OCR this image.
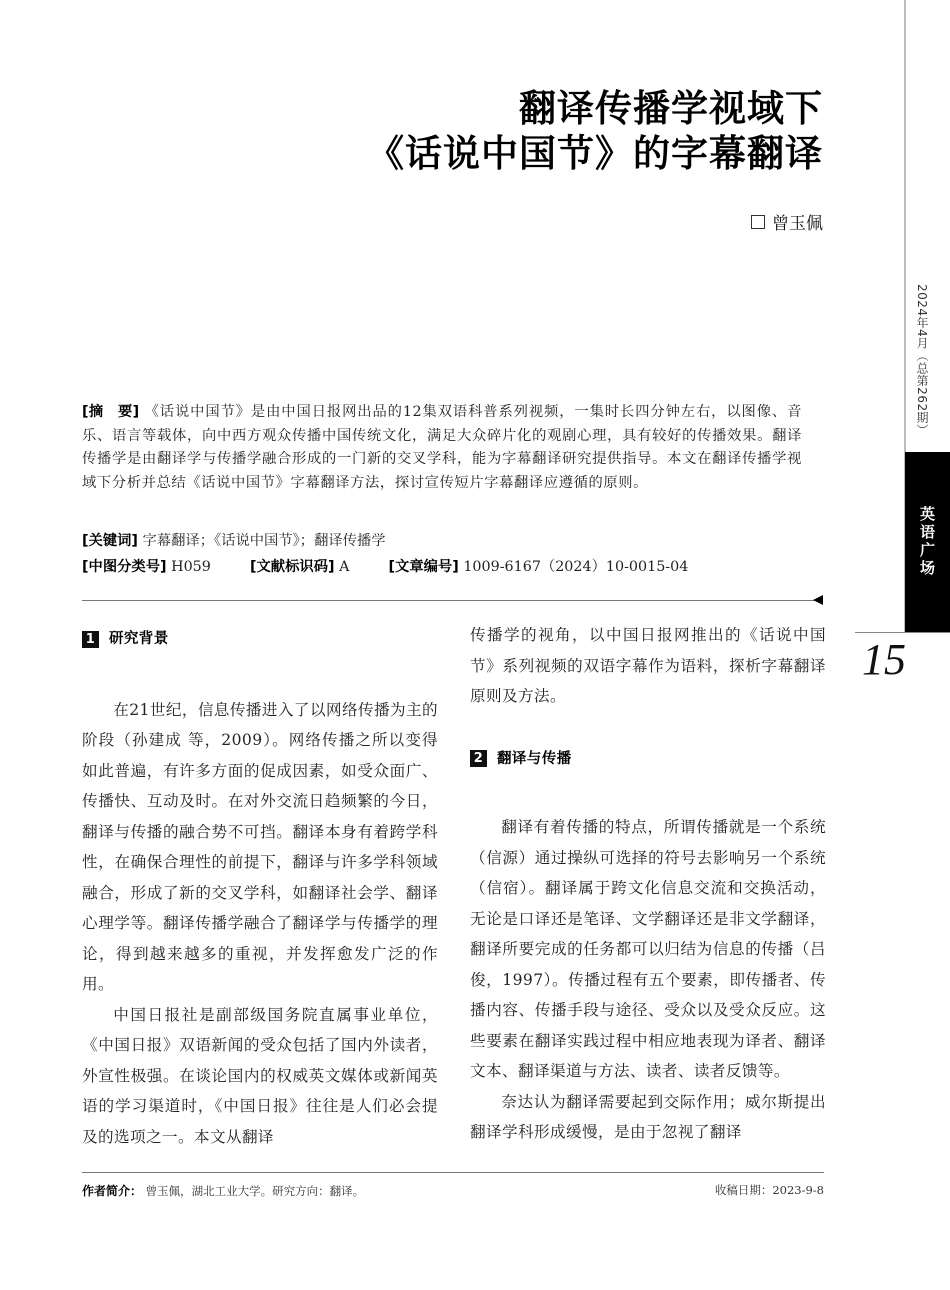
2024年4月（总第262期）
英语广场
15
翻译传播学视域下
《话说中国节》的字幕翻译
曾玉佩
[摘　要] 《话说中国节》是由中国日报网出品的12集双语科普系列视频，一集时长四分钟左右，以图像、音乐、语言等载体，向中西方观众传播中国传统文化，满足大众碎片化的观剧心理，具有较好的传播效果。翻译传播学是由翻译学与传播学融合形成的一门新的交叉学科，能为字幕翻译研究提供指导。本文在翻译传播学视域下分析并总结《话说中国节》字幕翻译方法，探讨宣传短片字幕翻译应遵循的原则。
[关键词] 字幕翻译；《话说中国节》；翻译传播学
[中图分类号] H059	[文献标识码] A	[文章编号] 1009-6167（2024）10-0015-04
1 研究背景

在21世纪，信息传播进入了以网络传播为主的阶段（孙建成 等，2009）。网络传播之所以变得如此普遍，有许多方面的促成因素，如受众面广、传播快、互动及时。在对外交流日趋频繁的今日，翻译与传播的融合势不可挡。翻译本身有着跨学科性，在确保合理性的前提下，翻译与许多学科领域融合，形成了新的交叉学科，如翻译社会学、翻译心理学等。翻译传播学融合了翻译学与传播学的理论，得到越来越多的重视，并发挥愈发广泛的作用。

中国日报社是副部级国务院直属事业单位，《中国日报》双语新闻的受众包括了国内外读者，外宣性极强。在谈论国内的权威英文媒体或新闻英语的学习渠道时，《中国日报》往往是人们必会提及的选项之一。本文从翻译

传播学的视角，以中国日报网推出的《话说中国节》系列视频的双语字幕作为语料，探析字幕翻译原则及方法。

2 翻译与传播

翻译有着传播的特点，所谓传播就是一个系统（信源）通过操纵可选择的符号去影响另一个系统（信宿）。翻译属于跨文化信息交流和交换活动，无论是口译还是笔译、文学翻译还是非文学翻译，翻译所要完成的任务都可以归结为信息的传播（吕俊，1997）。传播过程有五个要素，即传播者、传播内容、传播手段与途径、受众以及受众反应。这些要素在翻译实践过程中相应地表现为译者、翻译文本、翻译渠道与方法、读者、读者反馈等。

奈达认为翻译需要起到交际作用；威尔斯提出翻译学科形成缓慢，是由于忽视了翻译

作者简介： 曾玉佩，湖北工业大学。研究方向：翻译。	收稿日期：2023-9-8
